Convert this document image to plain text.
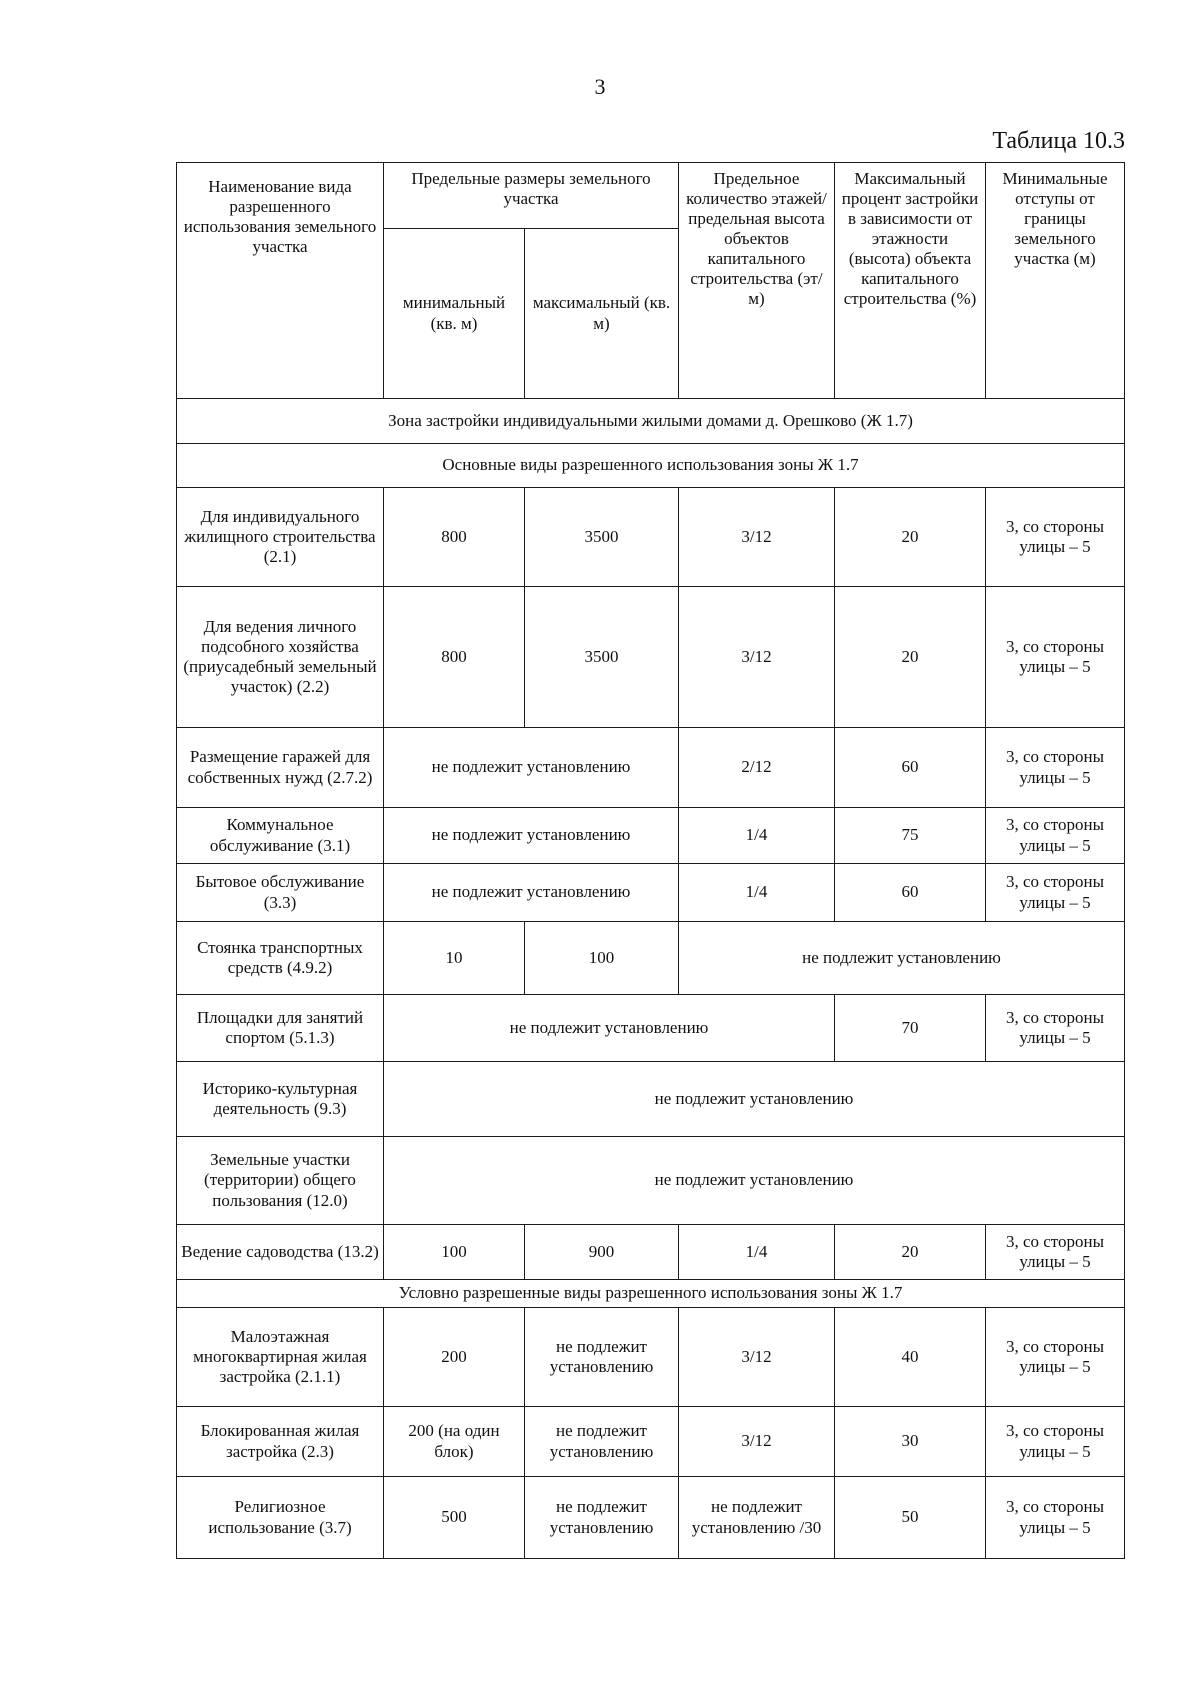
3
Таблица 10.3
Наименование вида разрешенного использования земельного участка	Предельные размеры земельного участка		Предельное количество этажей/ предельная высота объектов капитального строительства (эт/м)	Максимальный процент застройки в зависимости от этажности (высота) объекта капитального строительства (%)	Минимальные отступы от границы земельного участка (м)
	минимальный (кв. м)	максимальный (кв. м)			
Зона застройки индивидуальными жилыми домами д. Орешково (Ж 1.7)					
Основные виды разрешенного использования зоны Ж 1.7					
Для индивидуального жилищного строительства (2.1)	800	3500	3/12	20	3, со стороны улицы – 5
Для ведения личного подсобного хозяйства (приусадебный земельный участок) (2.2)	800	3500	3/12	20	3, со стороны улицы – 5
Размещение гаражей для собственных нужд (2.7.2)	не подлежит установлению		2/12	60	3, со стороны улицы – 5
Коммунальное обслуживание (3.1)	не подлежит установлению		1/4	75	3, со стороны улицы – 5
Бытовое обслуживание (3.3)	не подлежит установлению		1/4	60	3, со стороны улицы – 5
Стоянка транспортных средств (4.9.2)	10	100	не подлежит установлению		
Площадки для занятий спортом (5.1.3)	не подлежит установлению			70	3, со стороны улицы – 5
Историко-культурная деятельность (9.3)	не подлежит установлению				
Земельные участки (территории) общего пользования (12.0)	не подлежит установлению				
Ведение садоводства (13.2)	100	900	1/4	20	3, со стороны улицы – 5
Условно разрешенные виды разрешенного использования зоны Ж 1.7					
Малоэтажная многоквартирная жилая застройка (2.1.1)	200	не подлежит установлению	3/12	40	3, со стороны улицы – 5
Блокированная жилая застройка (2.3)	200 (на один блок)	не подлежит установлению	3/12	30	3, со стороны улицы – 5
Религиозное использование (3.7)	500	не подлежит установлению	не подлежит установлению /30	50	3, со стороны улицы – 5
